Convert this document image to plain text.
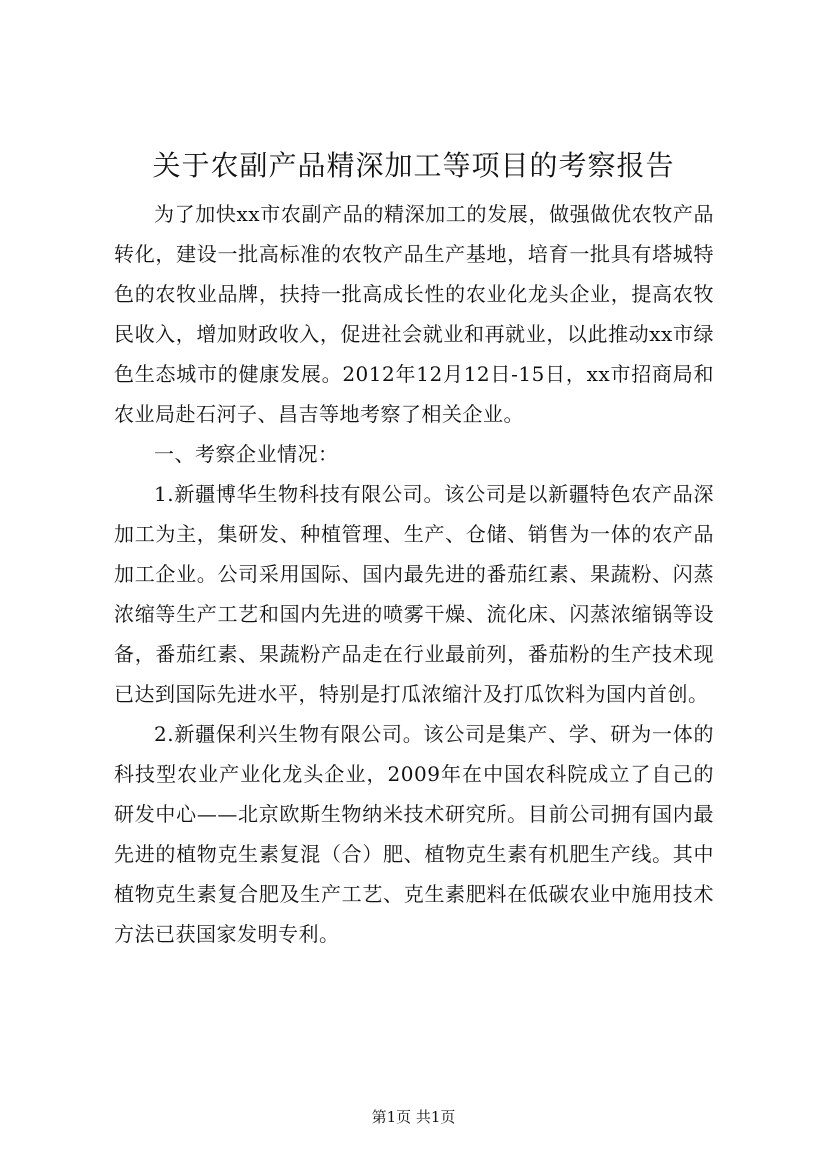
关于农副产品精深加工等项目的考察报告

为了加快xx市农副产品的精深加工的发展，做强做优农牧产品转化，建设一批高标准的农牧产品生产基地，培育一批具有塔城特色的农牧业品牌，扶持一批高成长性的农业化龙头企业，提高农牧民收入，增加财政收入，促进社会就业和再就业，以此推动xx市绿色生态城市的健康发展。2012年12月12日-15日，xx市招商局和农业局赴石河子、昌吉等地考察了相关企业。

一、考察企业情况：

1.新疆博华生物科技有限公司。该公司是以新疆特色农产品深加工为主，集研发、种植管理、生产、仓储、销售为一体的农产品加工企业。公司采用国际、国内最先进的番茄红素、果蔬粉、闪蒸浓缩等生产工艺和国内先进的喷雾干燥、流化床、闪蒸浓缩锅等设备，番茄红素、果蔬粉产品走在行业最前列，番茄粉的生产技术现已达到国际先进水平，特别是打瓜浓缩汁及打瓜饮料为国内首创。

2.新疆保利兴生物有限公司。该公司是集产、学、研为一体的科技型农业产业化龙头企业，2009年在中国农科院成立了自己的研发中心——北京欧斯生物纳米技术研究所。目前公司拥有国内最先进的植物克生素复混（合）肥、植物克生素有机肥生产线。其中植物克生素复合肥及生产工艺、克生素肥料在低碳农业中施用技术方法已获国家发明专利。

第1页 共1页
